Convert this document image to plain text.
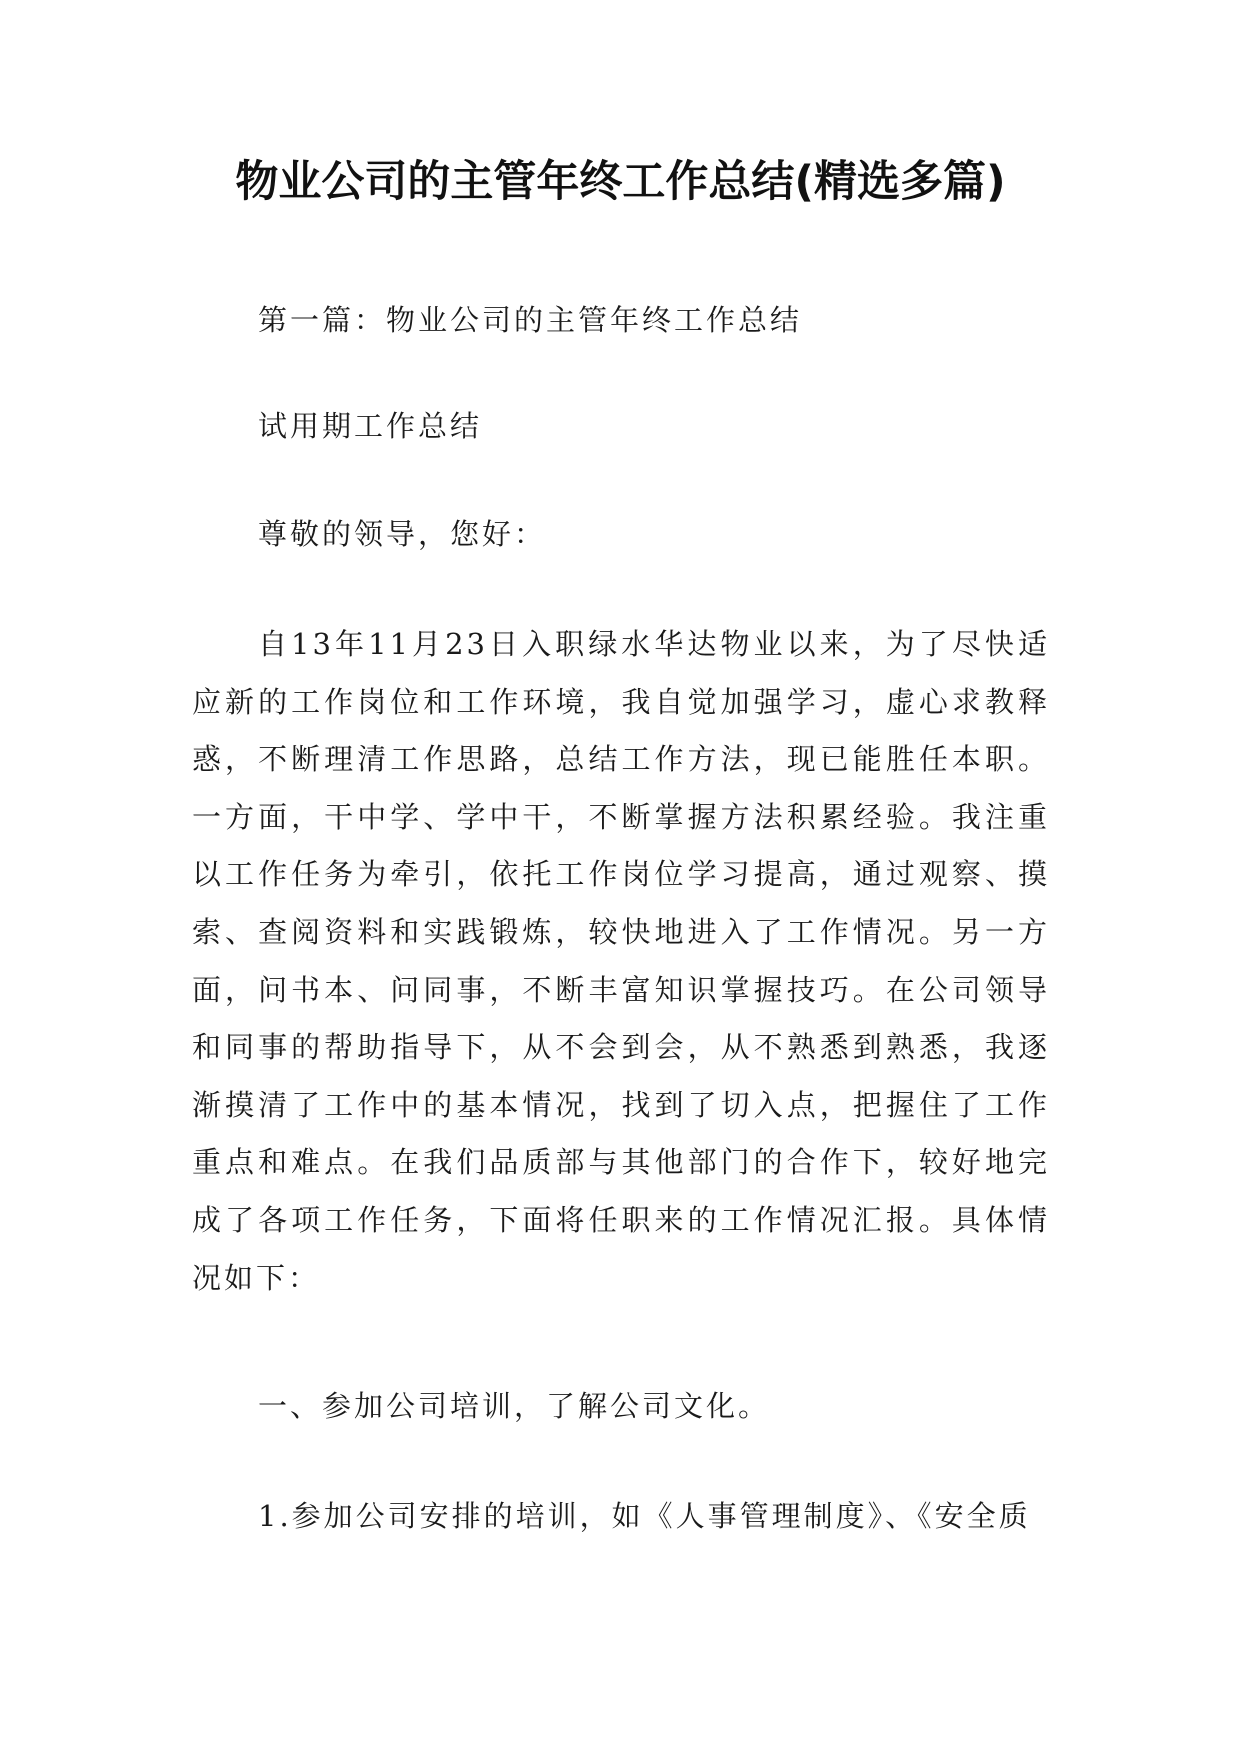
物业公司的主管年终工作总结(精选多篇)

第一篇：物业公司的主管年终工作总结

试用期工作总结

尊敬的领导，您好：

自13年11月23日入职绿水华达物业以来，为了尽快适应新的工作岗位和工作环境，我自觉加强学习，虚心求教释惑，不断理清工作思路，总结工作方法，现已能胜任本职。一方面，干中学、学中干，不断掌握方法积累经验。我注重以工作任务为牵引，依托工作岗位学习提高，通过观察、摸索、查阅资料和实践锻炼，较快地进入了工作情况。另一方面，问书本、问同事，不断丰富知识掌握技巧。在公司领导和同事的帮助指导下，从不会到会，从不熟悉到熟悉，我逐渐摸清了工作中的基本情况，找到了切入点，把握住了工作重点和难点。在我们品质部与其他部门的合作下，较好地完成了各项工作任务，下面将任职来的工作情况汇报。具体情况如下：

一、参加公司培训，了解公司文化。

1.参加公司安排的培训，如《人事管理制度》、《安全质
